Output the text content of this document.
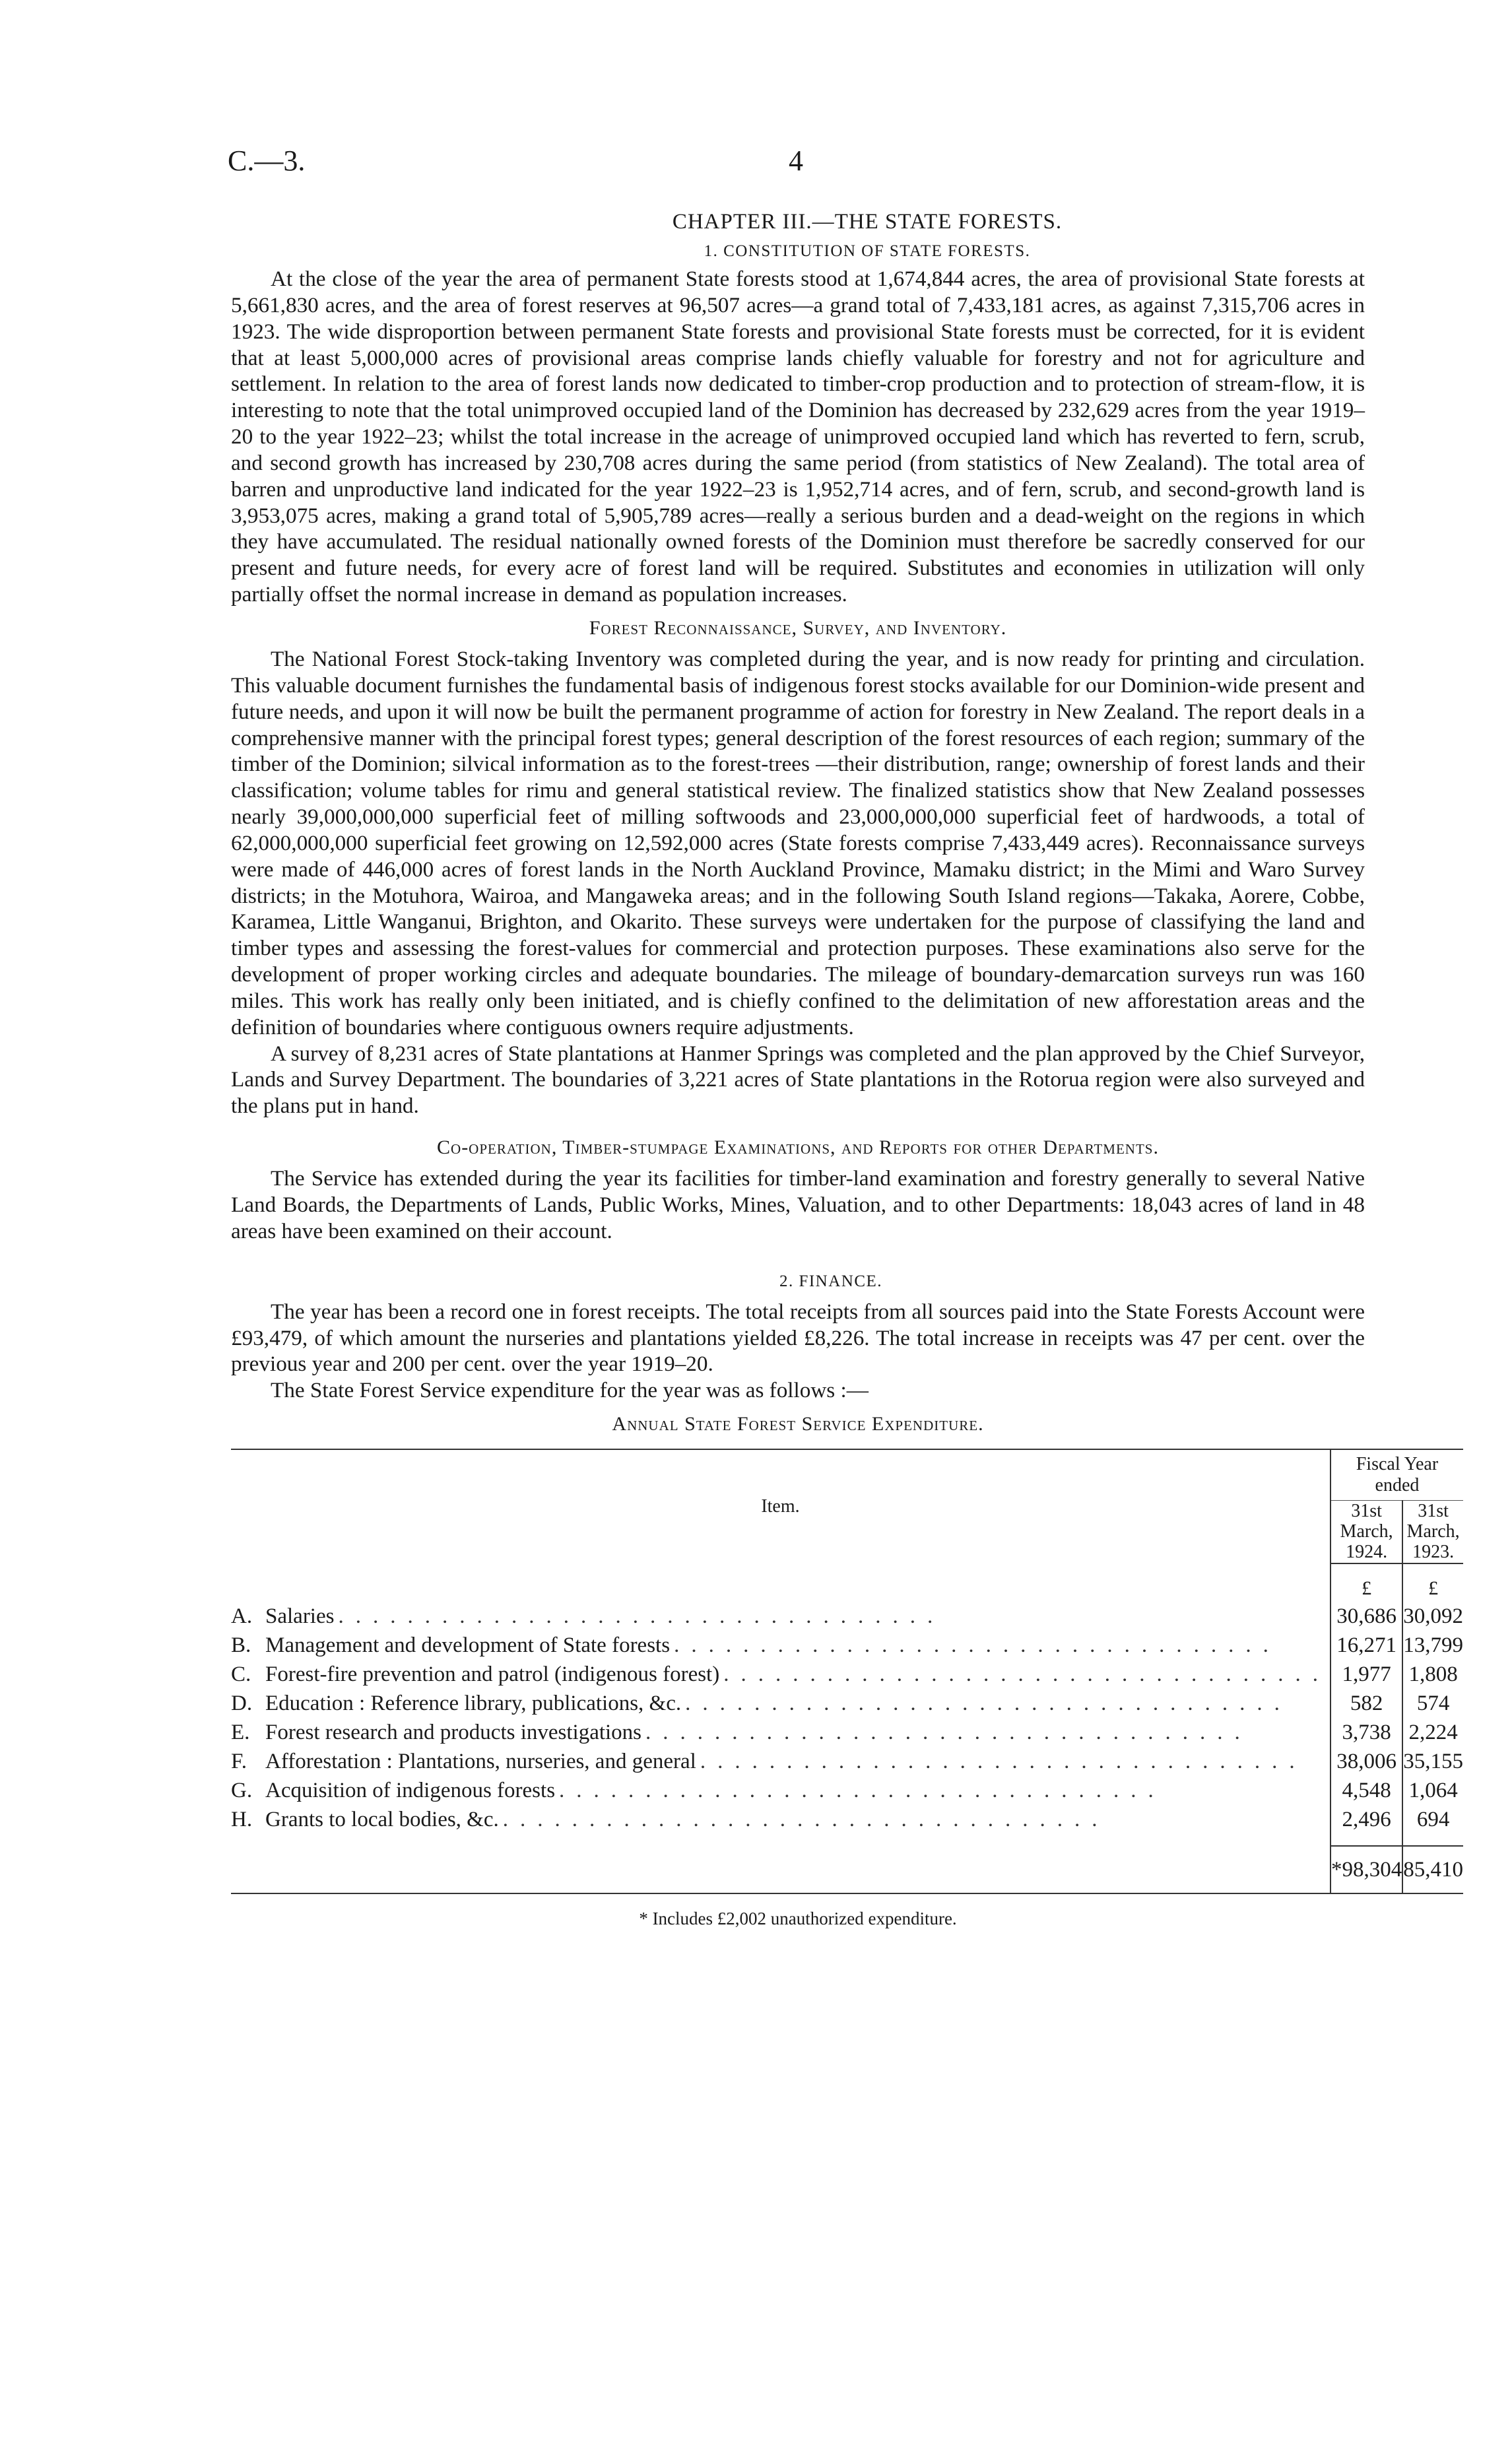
C.—3.	4
CHAPTER III.—THE STATE FORESTS.
1. CONSTITUTION OF STATE FORESTS.

At the close of the year the area of permanent State forests stood at 1,674,844 acres, the area of provisional State forests at 5,661,830 acres, and the area of forest reserves at 96,507 acres—a grand total of 7,433,181 acres, as against 7,315,706 acres in 1923. The wide disproportion between permanent State forests and provisional State forests must be corrected, for it is evident that at least 5,000,000 acres of provisional areas comprise lands chiefly valuable for forestry and not for agriculture and settlement. In relation to the area of forest lands now dedicated to timber-crop production and to protection of stream-flow, it is interesting to note that the total unimproved occupied land of the Dominion has decreased by 232,629 acres from the year 1919–20 to the year 1922–23; whilst the total increase in the acreage of unimproved occupied land which has reverted to fern, scrub, and second growth has increased by 230,708 acres during the same period (from statistics of New Zealand). The total area of barren and unproductive land indicated for the year 1922–23 is 1,952,714 acres, and of fern, scrub, and second-growth land is 3,953,075 acres, making a grand total of 5,905,789 acres—really a serious burden and a dead-weight on the regions in which they have accumulated. The residual nationally owned forests of the Dominion must therefore be sacredly conserved for our present and future needs, for every acre of forest land will be required. Substitutes and economies in utilization will only partially offset the normal increase in demand as population increases.

Forest Reconnaissance, Survey, and Inventory.

The National Forest Stock-taking Inventory was completed during the year, and is now ready for printing and circulation. This valuable document furnishes the fundamental basis of indigenous forest stocks available for our Dominion-wide present and future needs, and upon it will now be built the permanent programme of action for forestry in New Zealand. The report deals in a comprehensive manner with the principal forest types; general description of the forest resources of each region; summary of the timber of the Dominion; silvical information as to the forest-trees —their distribution, range; ownership of forest lands and their classification; volume tables for rimu and general statistical review. The finalized statistics show that New Zealand possesses nearly 39,000,000,000 superficial feet of milling softwoods and 23,000,000,000 superficial feet of hardwoods, a total of 62,000,000,000 superficial feet growing on 12,592,000 acres (State forests comprise 7,433,449 acres). Reconnaissance surveys were made of 446,000 acres of forest lands in the North Auckland Province, Mamaku district; in the Mimi and Waro Survey districts; in the Motuhora, Wairoa, and Mangaweka areas; and in the following South Island regions—Takaka, Aorere, Cobbe, Karamea, Little Wanganui, Brighton, and Okarito. These surveys were undertaken for the purpose of classifying the land and timber types and assessing the forest-values for commercial and protection purposes. These examinations also serve for the development of proper working circles and adequate boundaries. The mileage of boundary-demarcation surveys run was 160 miles. This work has really only been initiated, and is chiefly confined to the delimitation of new afforestation areas and the definition of boundaries where contiguous owners require adjustments.

A survey of 8,231 acres of State plantations at Hanmer Springs was completed and the plan approved by the Chief Surveyor, Lands and Survey Department. The boundaries of 3,221 acres of State plantations in the Rotorua region were also surveyed and the plans put in hand.

Co-operation, Timber-stumpage Examinations, and Reports for other Departments.

The Service has extended during the year its facilities for timber-land examination and forestry generally to several Native Land Boards, the Departments of Lands, Public Works, Mines, Valuation, and to other Departments: 18,043 acres of land in 48 areas have been examined on their account.

2. FINANCE.

The year has been a record one in forest receipts. The total receipts from all sources paid into the State Forests Account were £93,479, of which amount the nurseries and plantations yielded £8,226. The total increase in receipts was 47 per cent. over the previous year and 200 per cent. over the year 1919–20.

The State Forest Service expenditure for the year was as follows :—

Annual State Forest Service Expenditure.
Item.	Fiscal Year ended	
	31st March, 1924.	31st March, 1923.
	£	£
A. Salaries ...................................	30,686	30,092
B. Management and development of State forests ...................................	16,271	13,799
C. Forest-fire prevention and patrol (indigenous forest) ...................................	1,977	1,808
D. Education : Reference library, publications, &c. ...................................	582	574
E. Forest research and products investigations ...................................	3,738	2,224
F. Afforestation : Plantations, nurseries, and general ...................................	38,006	35,155
G. Acquisition of indigenous forests ...................................	4,548	1,064
H. Grants to local bodies, &c. ...................................	2,496	694

	*98,304	85,410
* Includes £2,002 unauthorized expenditure.
